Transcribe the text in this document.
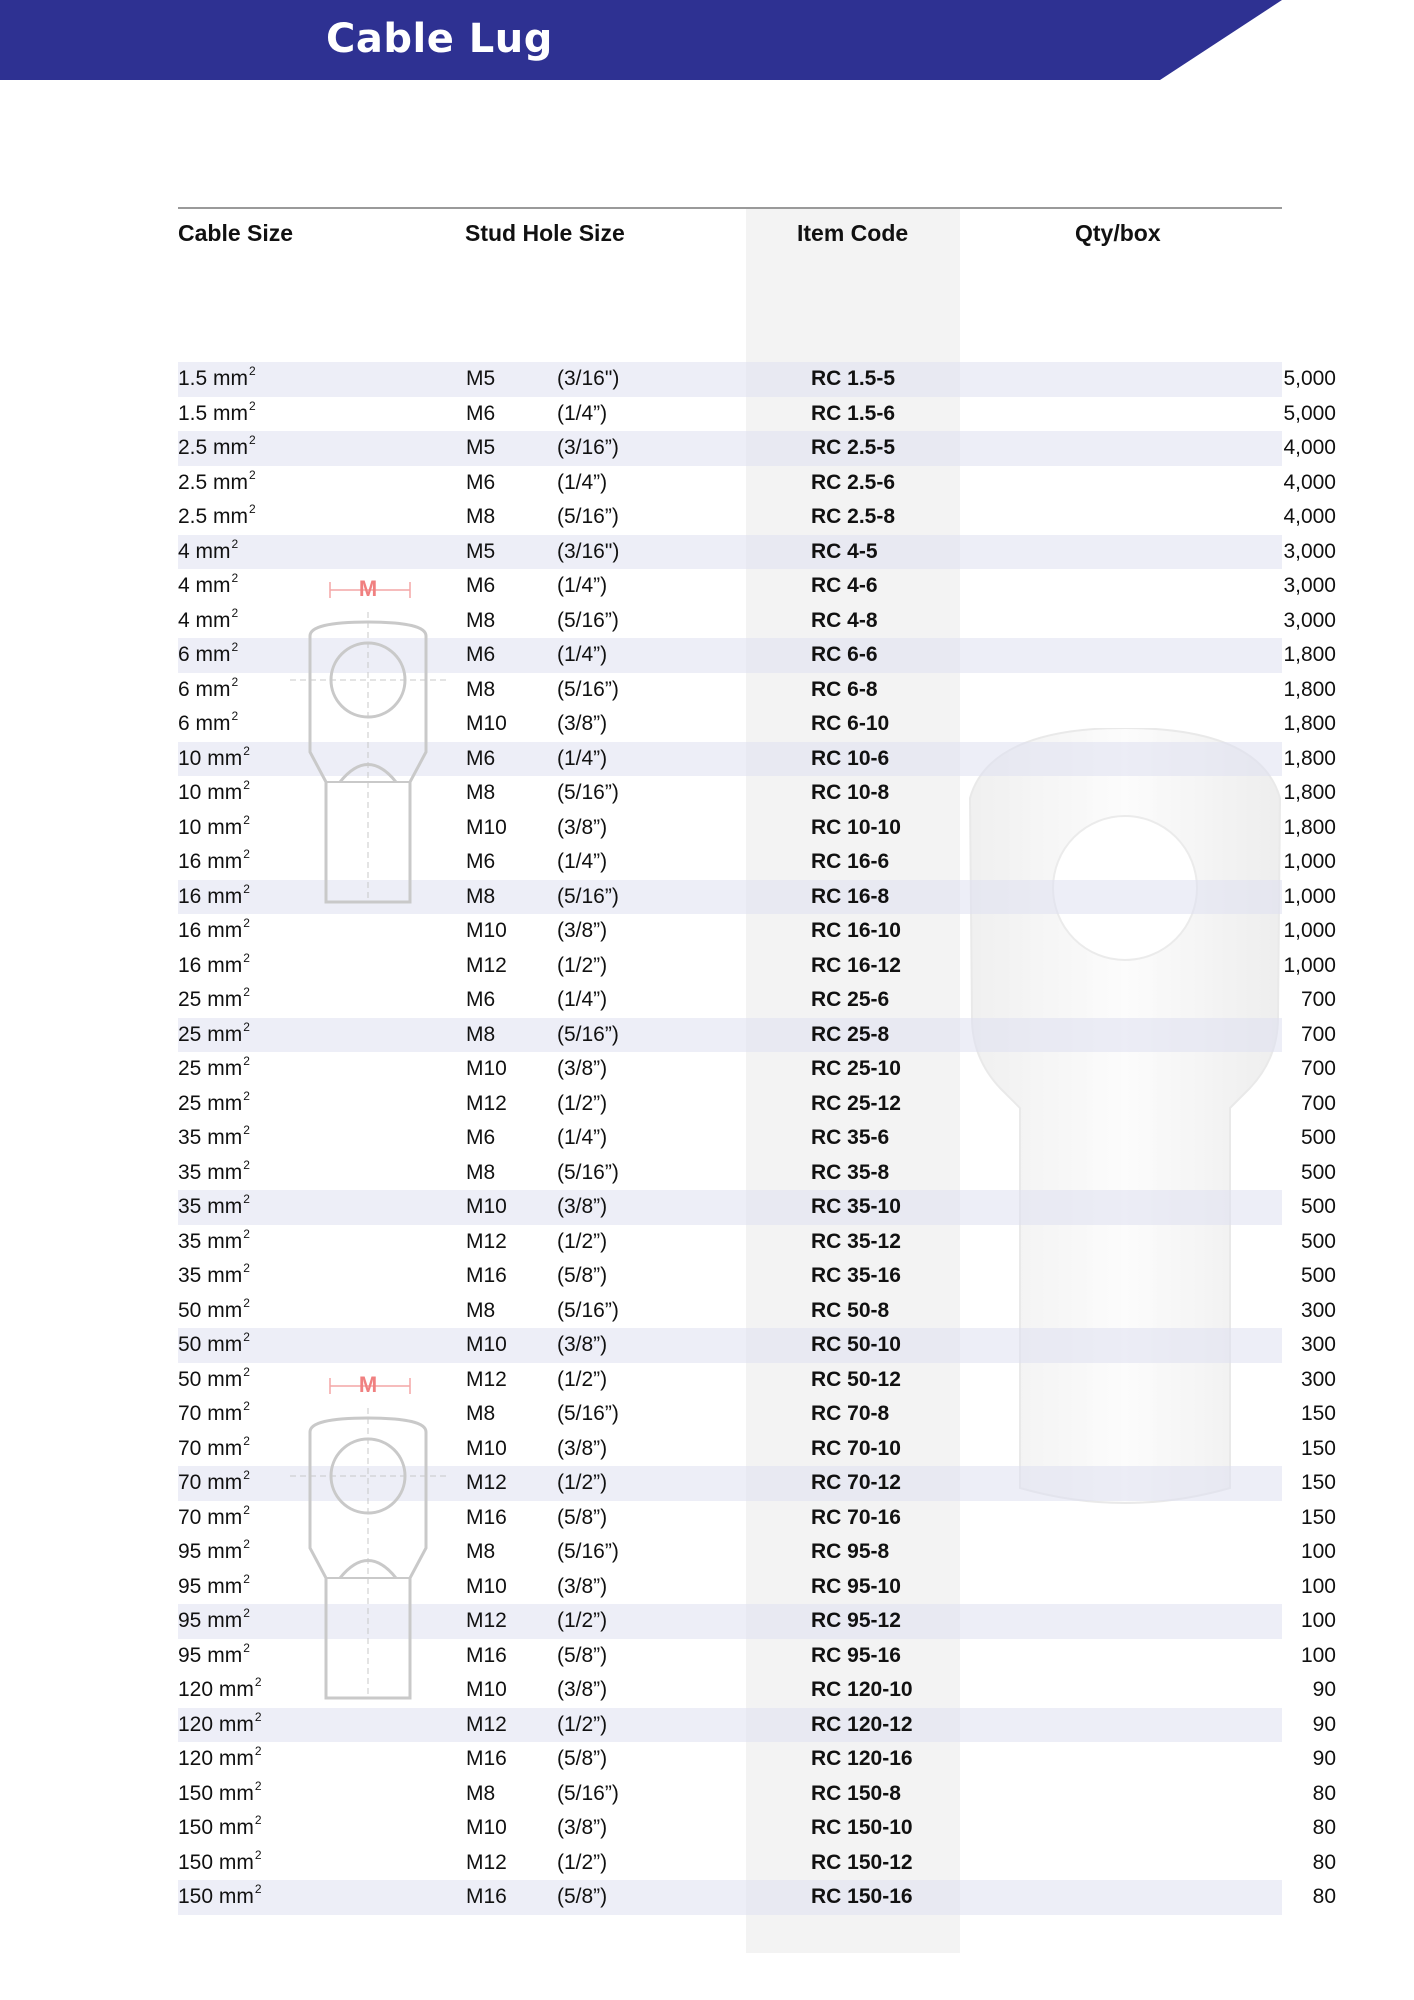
Cable Lug
Cable Size	Stud Hole Size	Item Code	Qty/box
1.5 $mm^2$	M5	(3/16")	RC 1.5-5	5,000
1.5 $mm^2$	M6	(1/4”)	RC 1.5-6	5,000
2.5 $mm^2$	M5	(3/16”)	RC 2.5-5	4,000
2.5 $mm^2$	M6	(1/4”)	RC 2.5-6	4,000
2.5 $mm^2$	M8	(5/16”)	RC 2.5-8	4,000
4 $mm^2$	M5	(3/16")	RC 4-5	3,000
4 $mm^2$	M6	(1/4”)	RC 4-6	3,000
4 $mm^2$	M8	(5/16”)	RC 4-8	3,000
6 $mm^2$	M6	(1/4”)	RC 6-6	1,800
6 $mm^2$	M8	(5/16”)	RC 6-8	1,800
6 $mm^2$	M10 (3/8”)	RC 6-10	1,800
10 $mm^2$	M6	(1/4”)	RC 10-6	1,800
10 $mm^2$	M8	(5/16”)	RC 10-8	1,800
10 $mm^2$	M10 (3/8”)	RC 10-10	1,800
16 $mm^2$	M6	(1/4”)	RC 16-6	1,000
16 $mm^2$	M8	(5/16”)	RC 16-8	1,000
16 $mm^2$	M10 (3/8”)	RC 16-10	1,000
16 $mm^2$	M12 (1/2”)	RC 16-12	1,000
25 $mm^2$	M6	(1/4”)	RC 25-6	700
25 $mm^2$	M8	(5/16”)	RC 25-8	700
25 $mm^2$	M10 (3/8”)	RC 25-10	700
25 $mm^2$	M12 (1/2”)	RC 25-12	700
35 $mm^2$	M6	(1/4”)	RC 35-6	500
35 $mm^2$	M8	(5/16”)	RC 35-8	500
35 $mm^2$	M10 (3/8”)	RC 35-10	500
35 $mm^2$	M12 (1/2”)	RC 35-12	500
35 $mm^2$	M16 (5/8”)	RC 35-16	500
50 $mm^2$	M8	(5/16”)	RC 50-8	300
50 $mm^2$	M10 (3/8”)	RC 50-10	300
50 $mm^2$	M12 (1/2”)	RC 50-12	300
70 $mm^2$	M8	(5/16”)	RC 70-8	150
70 $mm^2$	M10 (3/8”)	RC 70-10	150
70 $mm^2$	M12 (1/2”)	RC 70-12	150
70 $mm^2$	M16 (5/8”)	RC 70-16	150
95 $mm^2$	M8	(5/16”)	RC 95-8	100
95 $mm^2$	M10 (3/8”)	RC 95-10	100
95 $mm^2$	M12 (1/2”)	RC 95-12	100
95 $mm^2$	M16 (5/8”)	RC 95-16	100
120 $mm^2$	M10 (3/8”)	RC 120-10	90
120 $mm^2$	M12 (1/2”)	RC 120-12	90
120 $mm^2$	M16 (5/8”)	RC 120-16	90
150 $mm^2$	M8	(5/16”)	RC 150-8	80
150 $mm^2$	M10 (3/8”)	RC 150-10	80
150 $mm^2$	M12 (1/2”)	RC 150-12	80
150 $mm^2$	M16 (5/8”)	RC 150-16	80
M
M
